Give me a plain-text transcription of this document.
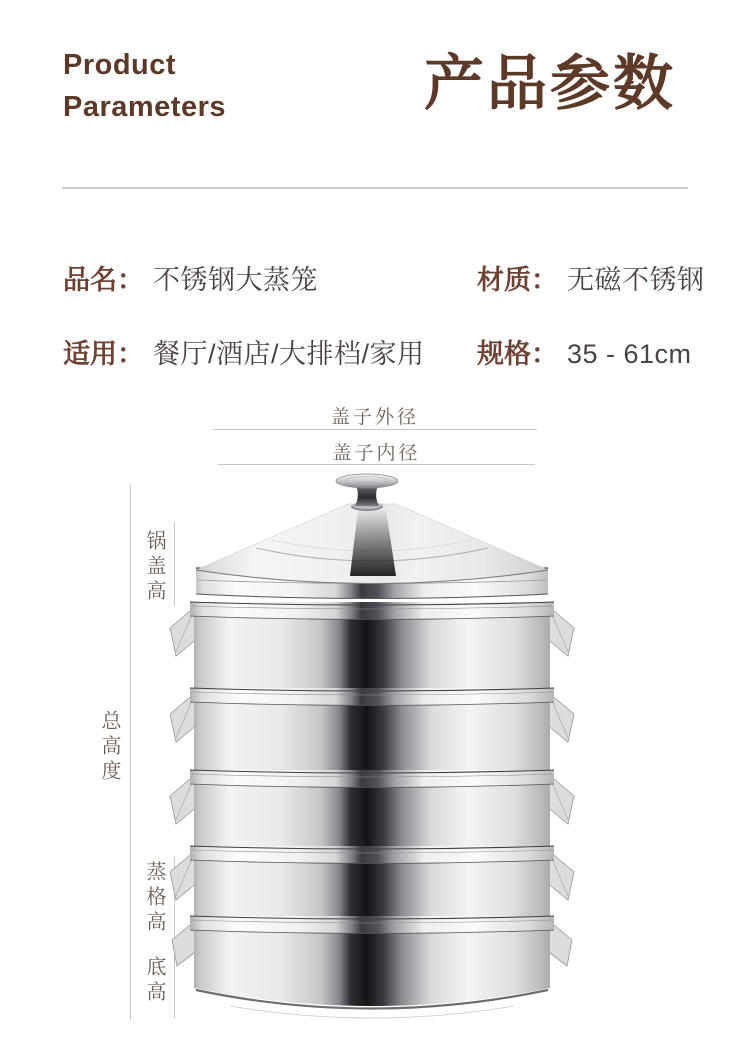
Product
Parameters	产品参数
品名： 不锈钢大蒸笼	材质： 无磁不锈钢
适用： 餐厅/酒店/大排档/家用 规格： 35 - 61cm
盖子外径
盖子内径
锅盖高
总高度
蒸格高
底高
